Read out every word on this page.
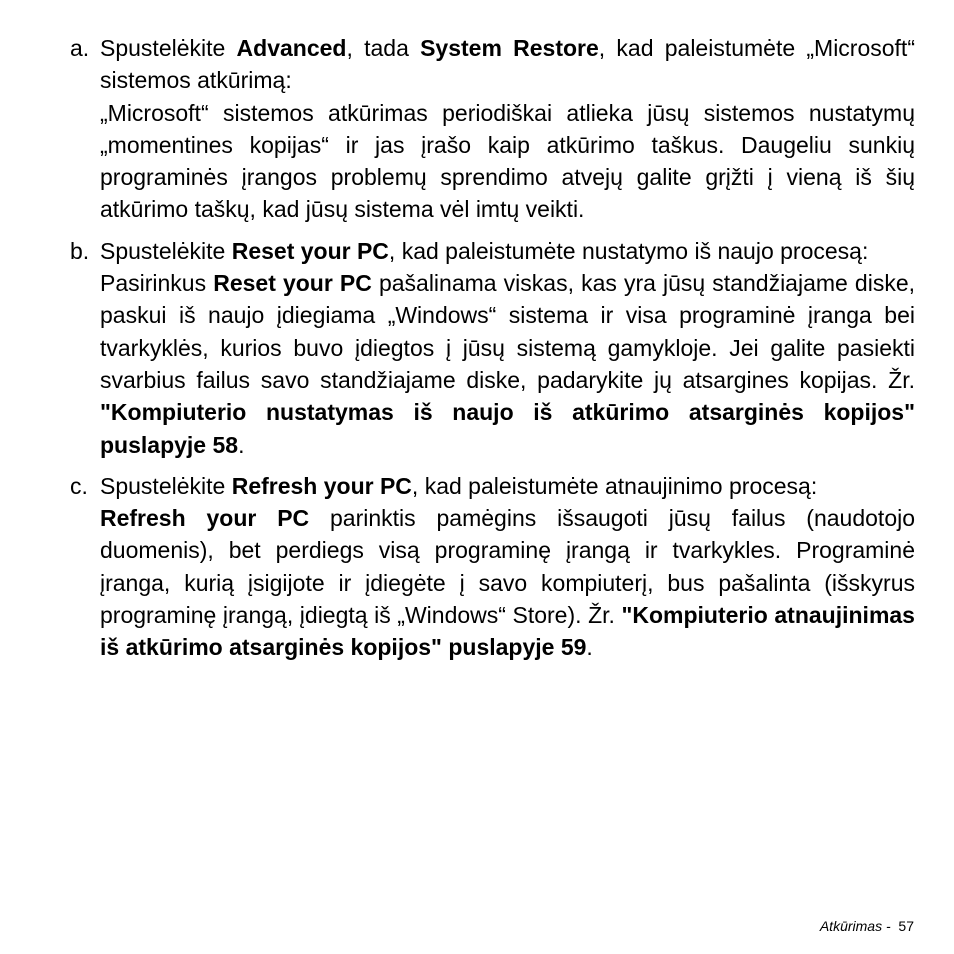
a. Spustelėkite Advanced, tada System Restore, kad paleistumėte „Microsoft“ sistemos atkūrimą:

„Microsoft“ sistemos atkūrimas periodiškai atlieka jūsų sistemos nustatymų „momentines kopijas“ ir jas įrašo kaip atkūrimo taškus. Daugeliu sunkių programinės įrangos problemų sprendimo atvejų galite grįžti į vieną iš šių atkūrimo taškų, kad jūsų sistema vėl imtų veikti.

b. Spustelėkite Reset your PC, kad paleistumėte nustatymo iš naujo procesą:

Pasirinkus Reset your PC pašalinama viskas, kas yra jūsų standžiajame diske, paskui iš naujo įdiegiama „Windows“ sistema ir visa programinė įranga bei tvarkyklės, kurios buvo įdiegtos į jūsų sistemą gamykloje. Jei galite pasiekti svarbius failus savo standžiajame diske, padarykite jų atsargines kopijas. Žr. "Kompiuterio nustatymas iš naujo iš atkūrimo atsarginės kopijos" puslapyje 58.

c. Spustelėkite Refresh your PC, kad paleistumėte atnaujinimo procesą:

Refresh your PC parinktis pamėgins išsaugoti jūsų failus (naudotojo duomenis), bet perdiegs visą programinę įrangą ir tvarkykles. Programinė įranga, kurią įsigijote ir įdiegėte į savo kompiuterį, bus pašalinta (išskyrus programinę įrangą, įdiegtą iš „Windows“ Store). Žr. "Kompiuterio atnaujinimas iš atkūrimo atsarginės kopijos" puslapyje 59.

Atkūrimas - 57
